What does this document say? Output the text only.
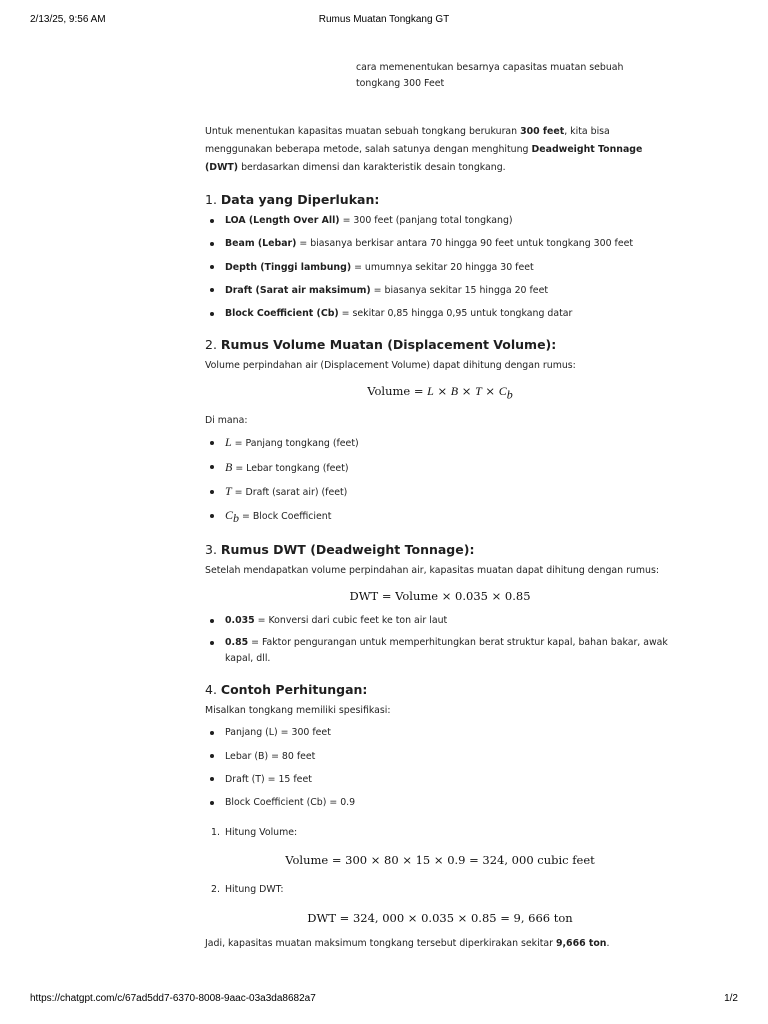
2/13/25, 9:56 AM	Rumus Muatan Tongkang GT
cara memenentukan besarnya capasitas muatan sebuah tongkang 300 Feet

Untuk menentukan kapasitas muatan sebuah tongkang berukuran 300 feet, kita bisa menggunakan beberapa metode, salah satunya dengan menghitung Deadweight Tonnage (DWT) berdasarkan dimensi dan karakteristik desain tongkang.

1. Data yang Diperlukan:
LOA (Length Over All) = 300 feet (panjang total tongkang)
Beam (Lebar) = biasanya berkisar antara 70 hingga 90 feet untuk tongkang 300 feet
Depth (Tinggi lambung) = umumnya sekitar 20 hingga 30 feet
Draft (Sarat air maksimum) = biasanya sekitar 15 hingga 20 feet
Block Coefficient (Cb) = sekitar 0,85 hingga 0,95 untuk tongkang datar
2. Rumus Volume Muatan (Displacement Volume):

Volume perpindahan air (Displacement Volume) dapat dihitung dengan rumus:

Volume = $L \times B \times T \times C_b$

Di mana:

L = Panjang tongkang (feet)
B = Lebar tongkang (feet)
T = Draft (sarat air) (feet)
$C_b$ = Block Coefficient
3. Rumus DWT (Deadweight Tonnage):

Setelah mendapatkan volume perpindahan air, kapasitas muatan dapat dihitung dengan rumus:

DWT = Volume × 0.035 × 0.85
0.035 = Konversi dari cubic feet ke ton air laut
0.85 = Faktor pengurangan untuk memperhitungkan berat struktur kapal, bahan bakar, awak kapal, dll.
4. Contoh Perhitungan:

Misalkan tongkang memiliki spesifikasi:

Panjang (L) = 300 feet
Lebar (B) = 80 feet
Draft (T) = 15 feet
Block Coefficient (Cb) = 0.9
1. Hitung Volume:
Volume = 300 × 80 × 15 × 0.9 = 324, 000 cubic feet
2. Hitung DWT:
DWT = 324, 000 × 0.035 × 0.85 = 9, 666 ton

Jadi, kapasitas muatan maksimum tongkang tersebut diperkirakan sekitar 9,666 ton.

https://chatgpt.com/c/67ad5dd7-6370-8008-9aac-03a3da8682a7	1/2
